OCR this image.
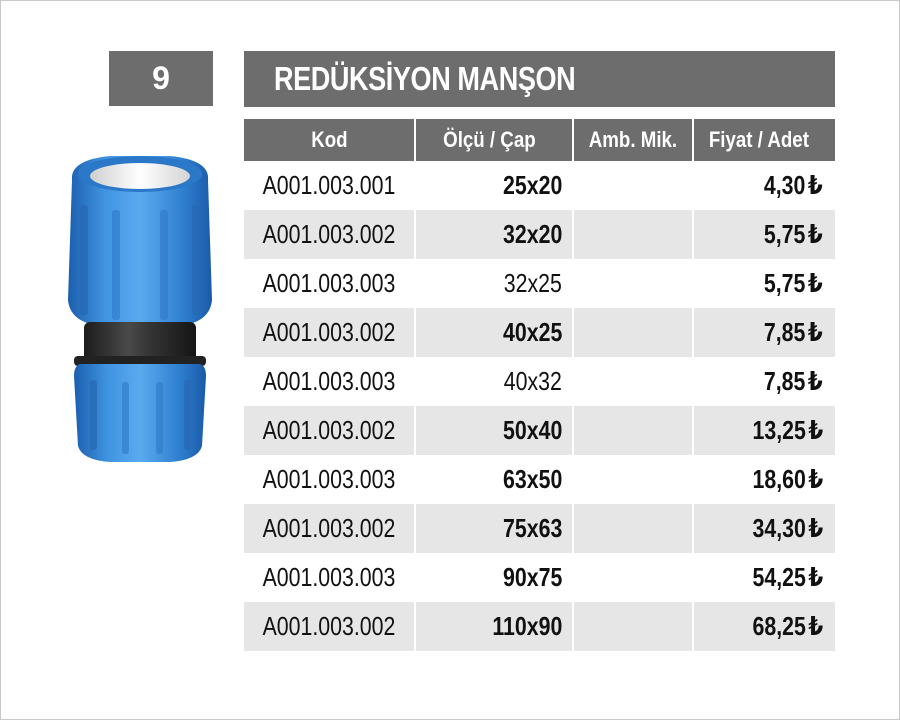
9	REDÜKSİYON MANŞON
Kod	Ölçü / Çap	Amb. Mik.	Fiyat / Adet
A001.003.001	25x20		4,30₺
A001.003.002	32x20		5,75₺
A001.003.003	32x25		5,75₺
A001.003.002	40x25		7,85₺
A001.003.003	40x32		7,85₺
A001.003.002	50x40		13,25₺
A001.003.003	63x50		18,60₺
A001.003.002	75x63		34,30₺
A001.003.003	90x75		54,25₺
A001.003.002	110x90		68,25₺
